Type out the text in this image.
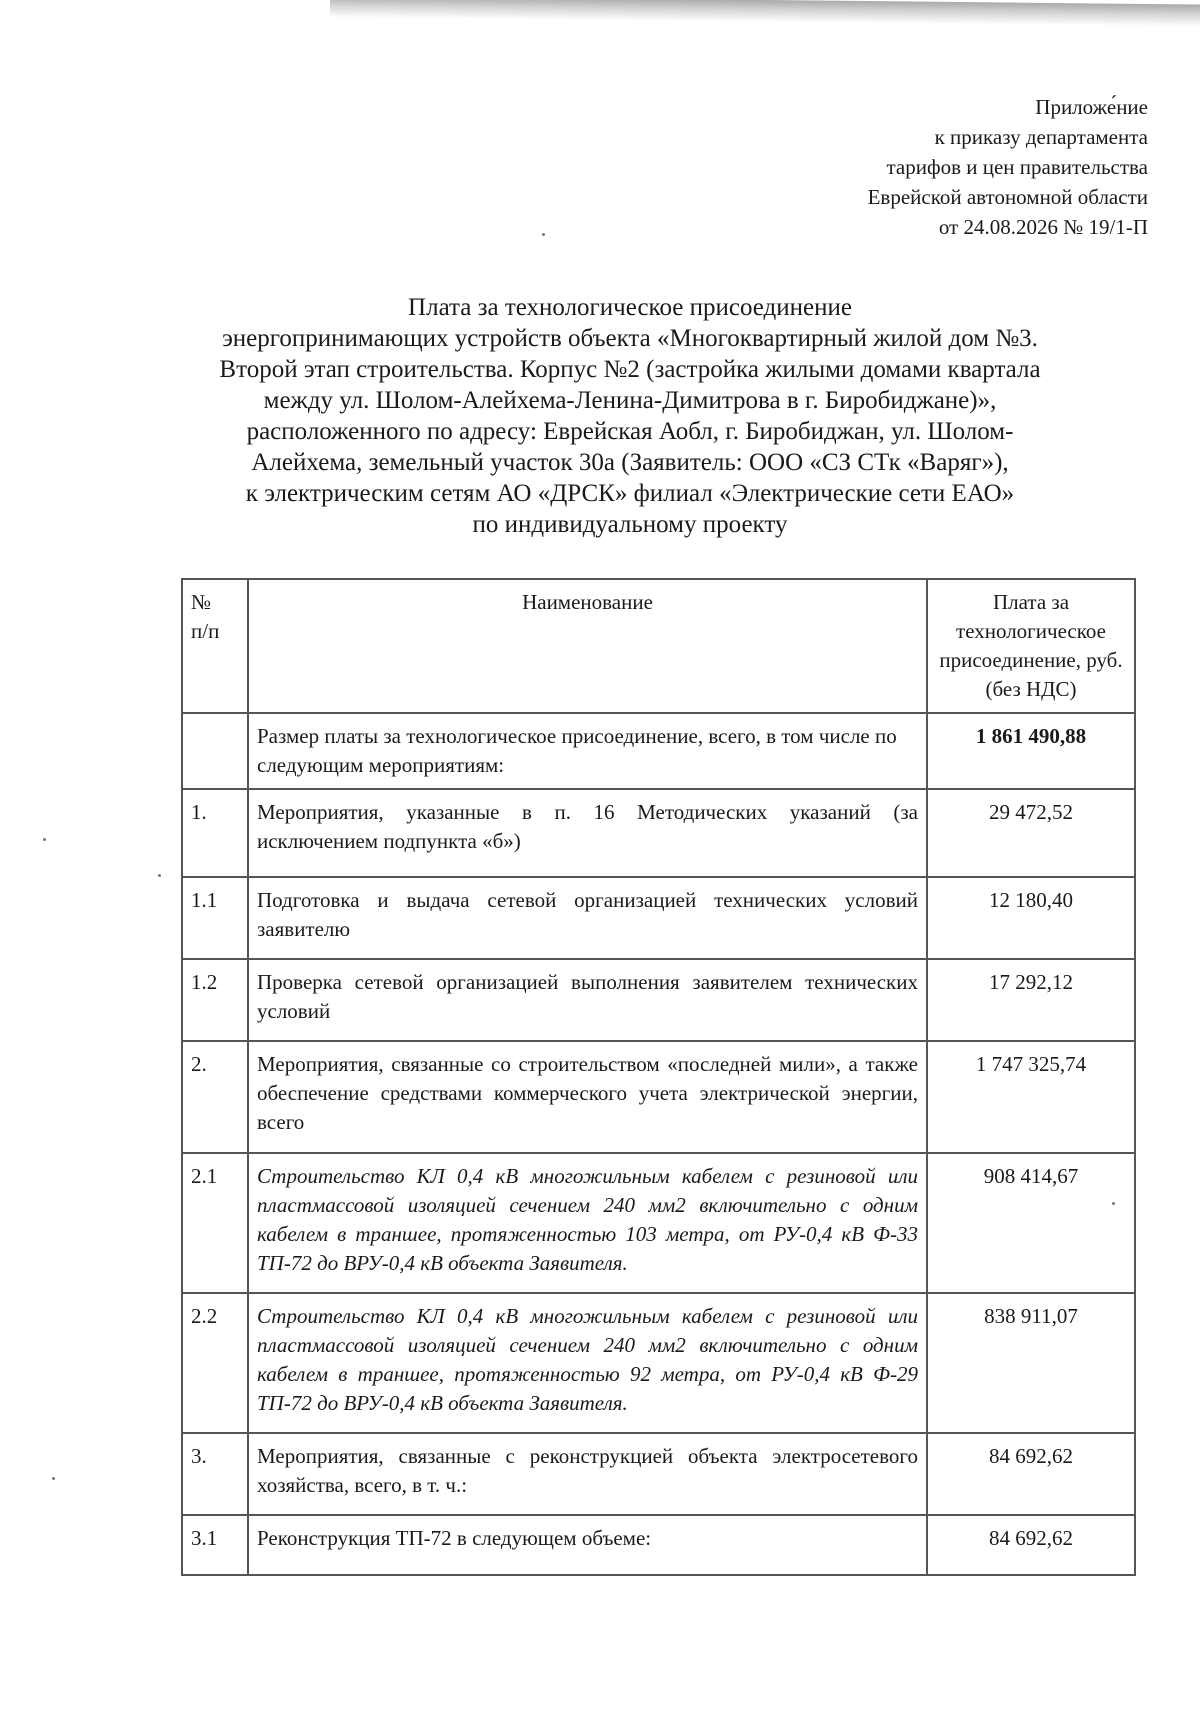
Приложе́ние
к приказу департамента
тарифов и цен правительства
Еврейской автономной области
от 24.08.2026 № 19/1-П
Плата за технологическое присоединение
энергопринимающих устройств объекта «Многоквартирный жилой дом №3.
Второй этап строительства. Корпус №2 (застройка жилыми домами квартала
между ул. Шолом-Алейхема-Ленина-Димитрова в г. Биробиджане)»,
расположенного по адресу: Еврейская Аобл, г. Биробиджан, ул. Шолом-
Алейхема, земельный участок 30а (Заявитель: ООО «СЗ СТк «Варяг»),
к электрическим сетям АО «ДРСК» филиал «Электрические сети ЕАО»
по индивидуальному проекту
№
п/п	Наименование	Плата за технологическое присоединение, руб. (без НДС)
	Размер платы за технологическое присоединение, всего, в том числе по следующим мероприятиям:	1 861 490,88
1.	Мероприятия, указанные в п. 16 Методических указаний (за исключением подпункта «б»)	29 472,52
1.1	Подготовка и выдача сетевой организацией технических условий заявителю	12 180,40
1.2	Проверка сетевой организацией выполнения заявителем технических условий	17 292,12
2.	Мероприятия, связанные со строительством «последней мили», а также обеспечение средствами коммерческого учета электрической энергии, всего	1 747 325,74
2.1	Строительство КЛ 0,4 кВ многожильным кабелем с резиновой или пластмассовой изоляцией сечением 240 мм2 включительно с одним кабелем в траншее, протяженностью 103 метра, от РУ-0,4 кВ Ф-33 ТП-72 до ВРУ-0,4 кВ объекта Заявителя.	908 414,67
2.2	Строительство КЛ 0,4 кВ многожильным кабелем с резиновой или пластмассовой изоляцией сечением 240 мм2 включительно с одним кабелем в траншее, протяженностью 92 метра, от РУ-0,4 кВ Ф-29 ТП-72 до ВРУ-0,4 кВ объекта Заявителя.	838 911,07
3.	Мероприятия, связанные с реконструкцией объекта электросетевого хозяйства, всего, в т. ч.:	84 692,62
3.1	Реконструкция ТП-72 в следующем объеме:	84 692,62
